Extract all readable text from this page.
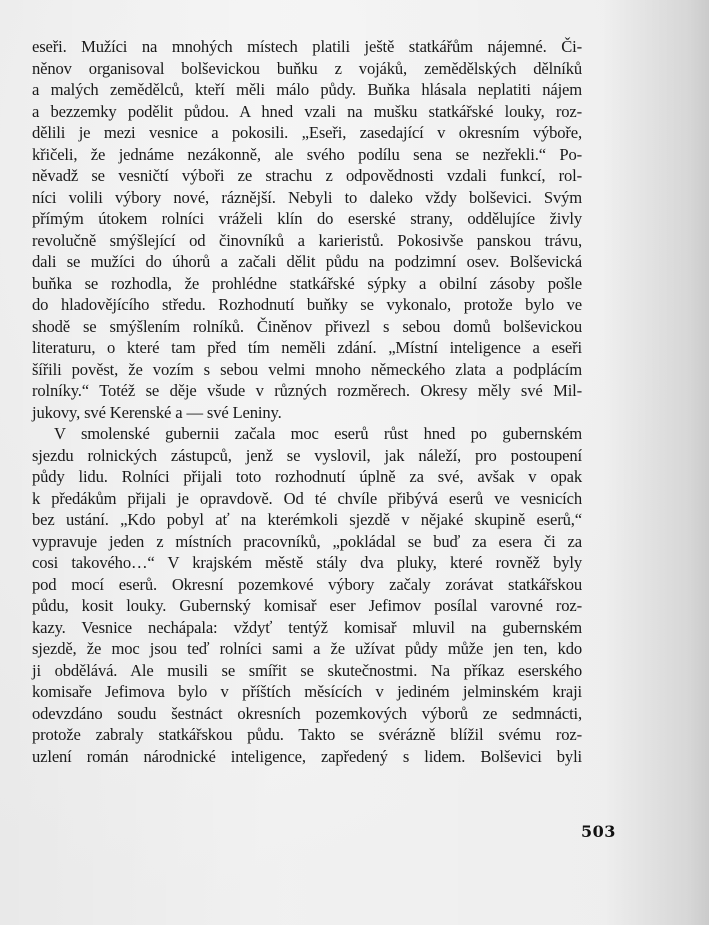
eseři. Mužíci na mnohých místech platili ještě statkářům nájemné. Či-
něnov organisoval bolševickou buňku z vojáků, zemědělských dělníků
a malých zemědělců, kteří měli málo půdy. Buňka hlásala neplatiti nájem
a bezzemky podělit půdou. A hned vzali na mušku statkářské louky, roz-
dělili je mezi vesnice a pokosili. „Eseři, zasedající v okresním výboře,
křičeli, že jednáme nezákonně, ale svého podílu sena se nezřekli.“ Po-
něvadž se vesničtí výboři ze strachu z odpovědnosti vzdali funkcí, rol-
níci volili výbory nové, ráznější. Nebyli to daleko vždy bolševici. Svým
přímým útokem rolníci vráželi klín do eserské strany, oddělujíce živly
revolučně smýšlející od činovníků a karieristů. Pokosivše panskou trávu,
dali se mužíci do úhorů a začali dělit půdu na podzimní osev. Bolševická
buňka se rozhodla, že prohlédne statkářské sýpky a obilní zásoby pošle
do hladovějícího středu. Rozhodnutí buňky se vykonalo, protože bylo ve
shodě se smýšlením rolníků. Činěnov přivezl s sebou domů bolševickou
literaturu, o které tam před tím neměli zdání. „Místní inteligence a eseři
šířili pověst, že vozím s sebou velmi mnoho německého zlata a podplácím
rolníky.“ Totéž se děje všude v různých rozměrech. Okresy měly své Mil-
jukovy, své Kerenské a — své Leniny.
V smolenské gubernii začala moc eserů růst hned po gubernském
sjezdu rolnických zástupců, jenž se vyslovil, jak náleží, pro postoupení
půdy lidu. Rolníci přijali toto rozhodnutí úplně za své, avšak v opak
k předákům přijali je opravdově. Od té chvíle přibývá eserů ve vesnicích
bez ustání. „Kdo pobyl ať na kterémkoli sjezdě v nějaké skupině eserů,“
vypravuje jeden z místních pracovníků, „pokládal se buď za esera či za
cosi takového…“ V krajském městě stály dva pluky, které rovněž byly
pod mocí eserů. Okresní pozemkové výbory začaly zorávat statkářskou
půdu, kosit louky. Gubernský komisař eser Jefimov posílal varovné roz-
kazy. Vesnice nechápala: vždyť tentýž komisař mluvil na gubernském
sjezdě, že moc jsou teď rolníci sami a že užívat půdy může jen ten, kdo
ji obdělává. Ale musili se smířit se skutečnostmi. Na příkaz eserského
komisaře Jefimova bylo v příštích měsících v jediném jelminském kraji
odevzdáno soudu šestnáct okresních pozemkových výborů ze sedmnácti,
protože zabraly statkářskou půdu. Takto se svérázně blížil svému roz-
uzlení román národnické inteligence, zapředený s lidem. Bolševici byli
503
